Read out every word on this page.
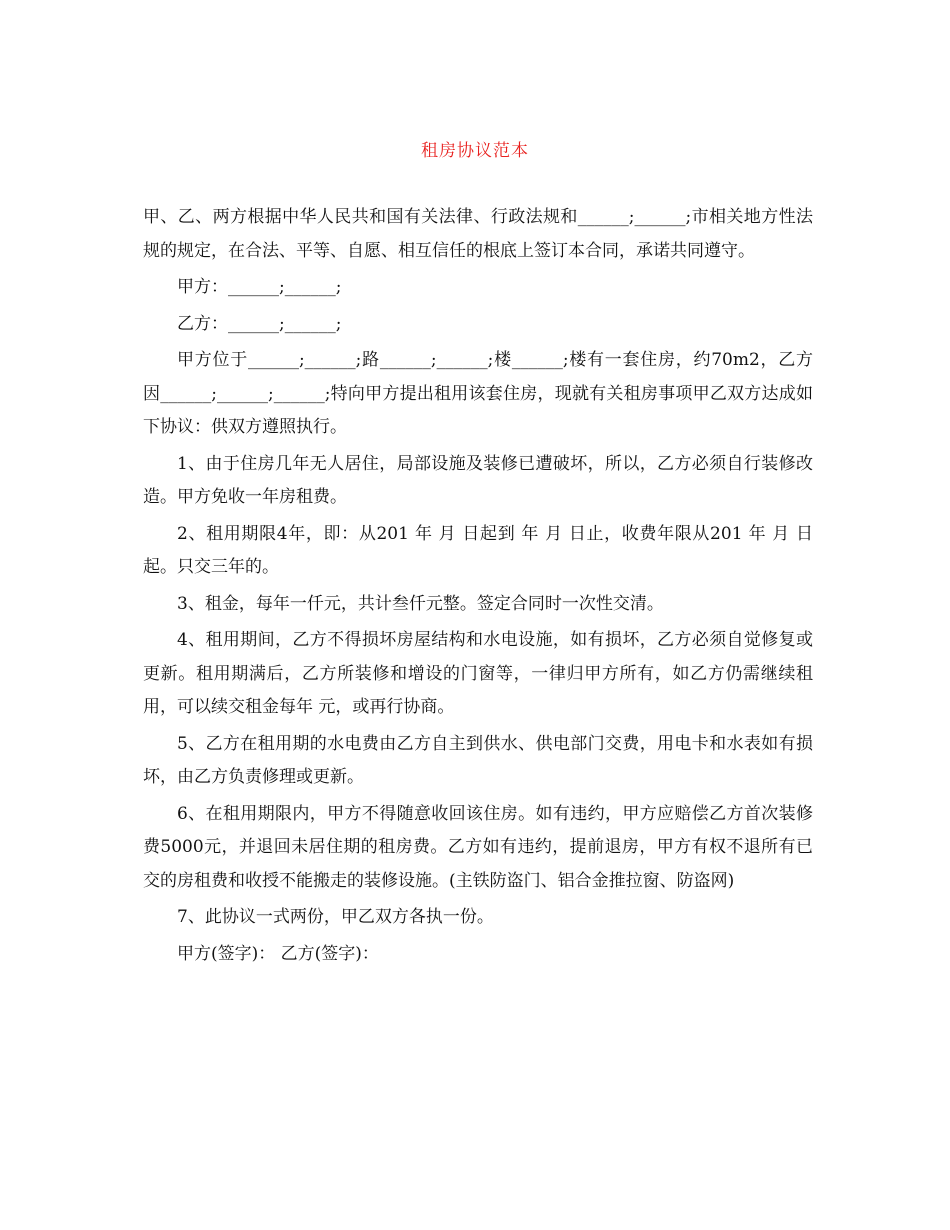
租房协议范本

甲、乙、两方根据中华人民共和国有关法律、行政法规和______;______;市相关地方性法规的规定，在合法、平等、自愿、相互信任的根底上签订本合同，承诺共同遵守。

甲方：______;______;

乙方：______;______;

甲方位于______;______;路______;______;楼______;楼有一套住房，约70m2，乙方因______;______;______;特向甲方提出租用该套住房，现就有关租房事项甲乙双方达成如下协议：供双方遵照执行。

1、由于住房几年无人居住，局部设施及装修已遭破坏，所以，乙方必须自行装修改造。甲方免收一年房租费。

2、租用期限4年，即：从201 年 月 日起到 年 月 日止，收费年限从201 年 月 日起。只交三年的。

3、租金，每年一仟元，共计叁仟元整。签定合同时一次性交清。

4、租用期间，乙方不得损坏房屋结构和水电设施，如有损坏，乙方必须自觉修复或更新。租用期满后，乙方所装修和增设的门窗等，一律归甲方所有，如乙方仍需继续租用，可以续交租金每年 元，或再行协商。

5、乙方在租用期的水电费由乙方自主到供水、供电部门交费，用电卡和水表如有损坏，由乙方负责修理或更新。

6、在租用期限内，甲方不得随意收回该住房。如有违约，甲方应赔偿乙方首次装修费5000元，并退回未居住期的租房费。乙方如有违约，提前退房，甲方有权不退所有已交的房租费和收授不能搬走的装修设施。(主铁防盗门、铝合金推拉窗、防盗网)

7、此协议一式两份，甲乙双方各执一份。

甲方(签字)： 乙方(签字)：
